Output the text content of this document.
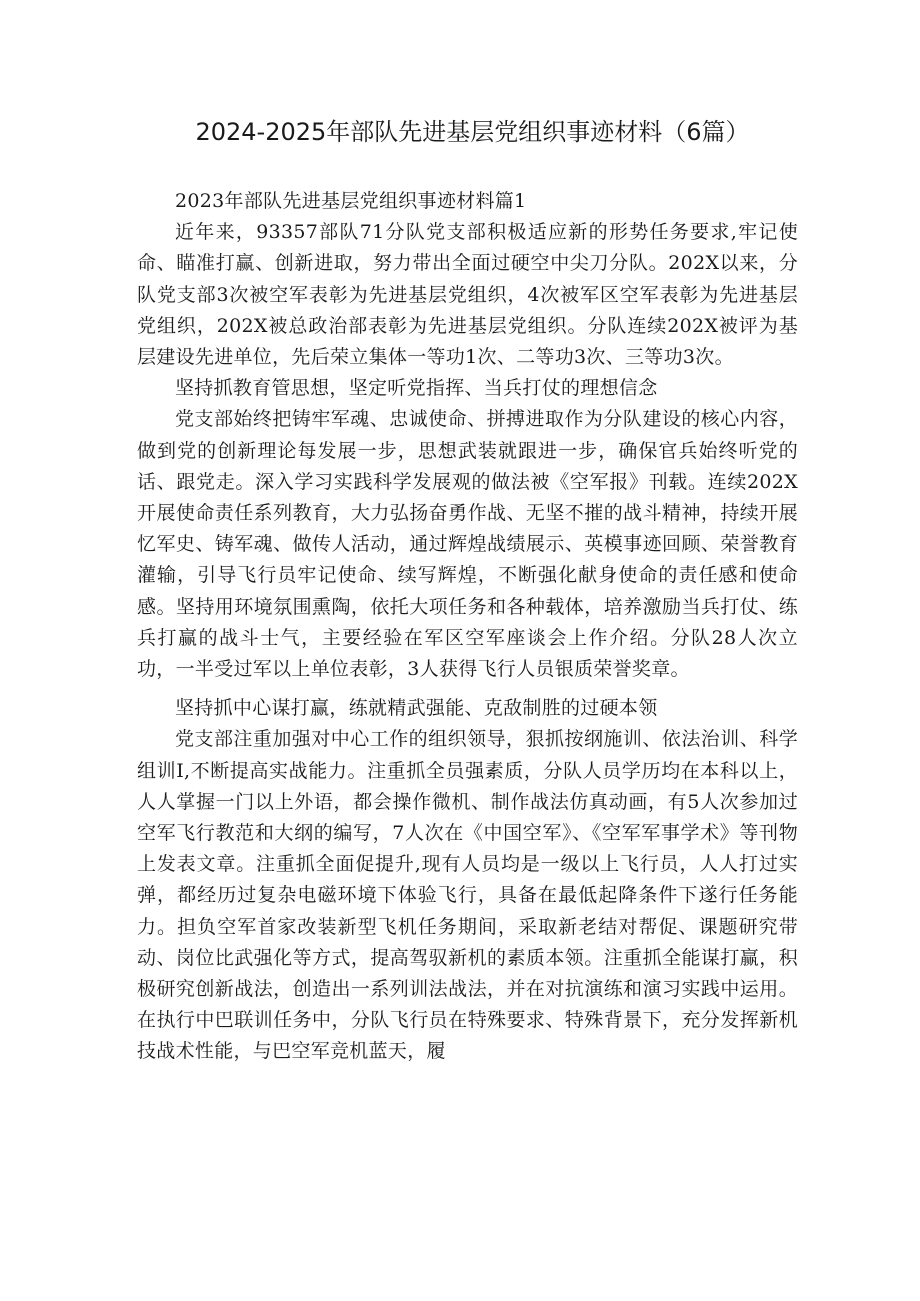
2024-2025年部队先进基层党组织事迹材料（6篇）

2023年部队先进基层党组织事迹材料篇1

近年来，93357部队71分队党支部积极适应新的形势任务要求,牢记使命、瞄准打赢、创新进取，努力带出全面过硬空中尖刀分队。202X以来，分队党支部3次被空军表彰为先进基层党组织，4次被军区空军表彰为先进基层党组织，202X被总政治部表彰为先进基层党组织。分队连续202X被评为基层建设先进单位，先后荣立集体一等功1次、二等功3次、三等功3次。

坚持抓教育管思想，坚定听党指挥、当兵打仗的理想信念

党支部始终把铸牢军魂、忠诚使命、拼搏进取作为分队建设的核心内容，做到党的创新理论每发展一步，思想武装就跟进一步，确保官兵始终听党的话、跟党走。深入学习实践科学发展观的做法被《空军报》刊载。连续202X开展使命责任系列教育，大力弘扬奋勇作战、无坚不摧的战斗精神，持续开展忆军史、铸军魂、做传人活动，通过辉煌战绩展示、英模事迹回顾、荣誉教育灌输，引导飞行员牢记使命、续写辉煌，不断强化献身使命的责任感和使命感。坚持用环境氛围熏陶，依托大项任务和各种载体，培养激励当兵打仗、练兵打赢的战斗士气，主要经验在军区空军座谈会上作介绍。分队28人次立功，一半受过军以上单位表彰，3人获得飞行人员银质荣誉奖章。

坚持抓中心谋打赢，练就精武强能、克敌制胜的过硬本领

党支部注重加强对中心工作的组织领导，狠抓按纲施训、依法治训、科学组训I,不断提高实战能力。注重抓全员强素质，分队人员学历均在本科以上，人人掌握一门以上外语，都会操作微机、制作战法仿真动画，有5人次参加过空军飞行教范和大纲的编写，7人次在《中国空军》、《空军军事学术》等刊物上发表文章。注重抓全面促提升,现有人员均是一级以上飞行员，人人打过实弹，都经历过复杂电磁环境下体验飞行，具备在最低起降条件下遂行任务能力。担负空军首家改装新型飞机任务期间，采取新老结对帮促、课题研究带动、岗位比武强化等方式，提高驾驭新机的素质本领。注重抓全能谋打赢，积极研究创新战法，创造出一系列训法战法，并在对抗演练和演习实践中运用。在执行中巴联训任务中，分队飞行员在特殊要求、特殊背景下，充分发挥新机技战术性能，与巴空军竞机蓝天，履
